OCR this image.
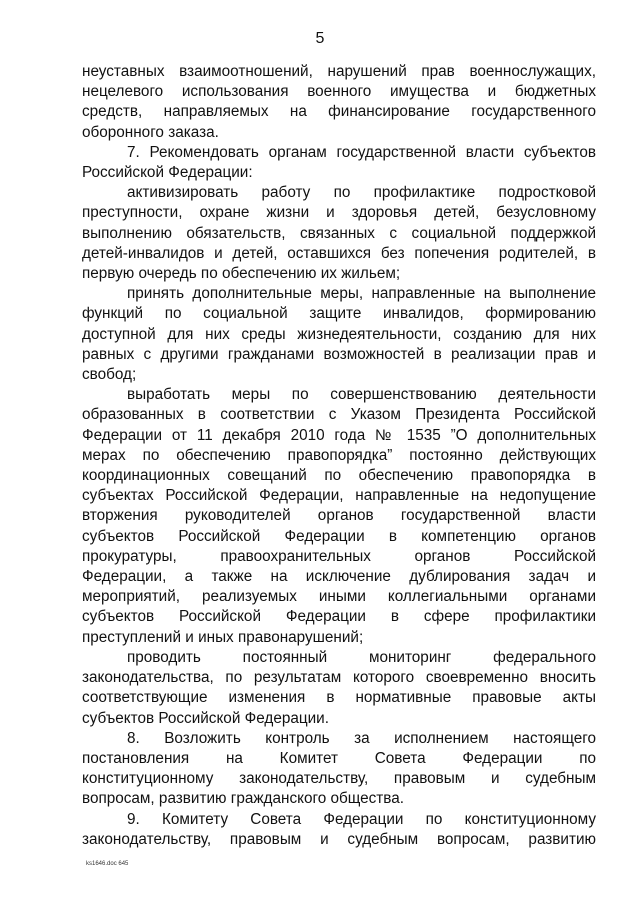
5

неуставных взаимоотношений, нарушений прав военнослужащих,

нецелевого использования военного имущества и бюджетных

средств, направляемых на финансирование государственного

оборонного заказа.

7. Рекомендовать органам государственной власти субъектов

Российской Федерации:

активизировать работу по профилактике подростковой

преступности, охране жизни и здоровья детей, безусловному

выполнению обязательств, связанных с социальной поддержкой

детей-инвалидов и детей, оставшихся без попечения родителей, в

первую очередь по обеспечению их жильем;

принять дополнительные меры, направленные на выполнение

функций по социальной защите инвалидов, формированию

доступной для них среды жизнедеятельности, созданию для них

равных с другими гражданами возможностей в реализации прав и

свобод;

выработать меры по совершенствованию деятельности

образованных в соответствии с Указом Президента Российской

Федерации от 11 декабря 2010 года № 1535 ”О дополнительных

мерах по обеспечению правопорядка” постоянно действующих

координационных совещаний по обеспечению правопорядка в

субъектах Российской Федерации, направленные на недопущение

вторжения руководителей органов государственной власти

субъектов Российской Федерации в компетенцию органов

прокуратуры, правоохранительных органов Российской

Федерации, а также на исключение дублирования задач и

мероприятий, реализуемых иными коллегиальными органами

субъектов Российской Федерации в сфере профилактики

преступлений и иных правонарушений;

проводить постоянный мониторинг федерального

законодательства, по результатам которого своевременно вносить

соответствующие изменения в нормативные правовые акты

субъектов Российской Федерации.

8. Возложить контроль за исполнением настоящего

постановления на Комитет Совета Федерации по

конституционному законодательству, правовым и судебным

вопросам, развитию гражданского общества.

9. Комитету Совета Федерации по конституционному

законодательству, правовым и судебным вопросам, развитию

ks1646.doc 645
